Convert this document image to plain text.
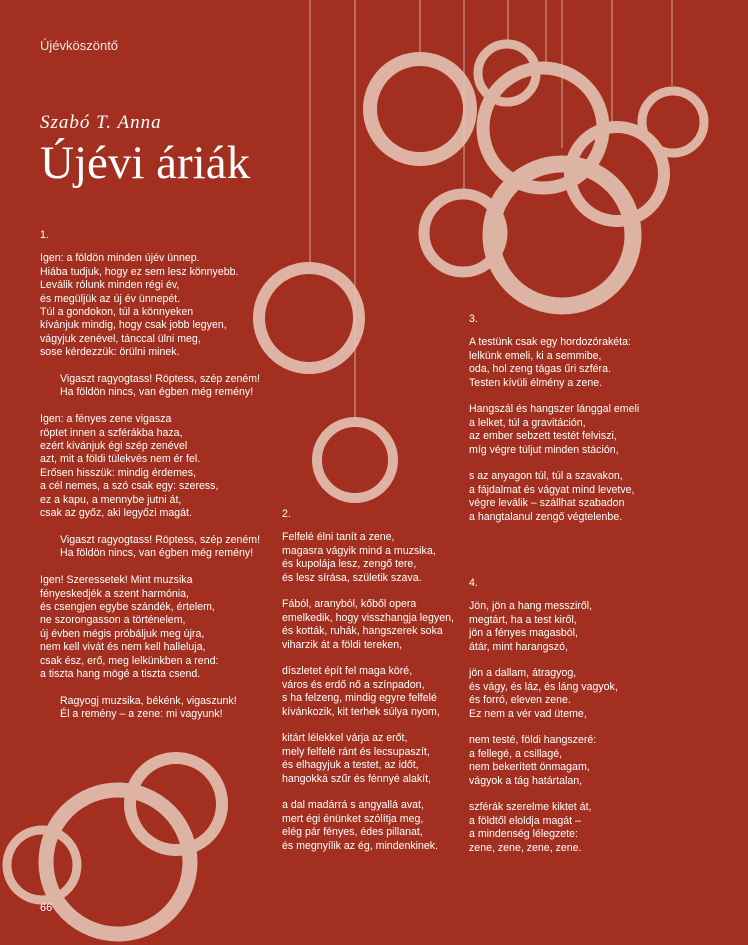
Újévköszöntő
Szabó T. Anna
Újévi áriák
1.
Igen: a földön minden újév ünnep.
Hiába tudjuk, hogy ez sem lesz könnyebb.
Leválik rólunk minden régi év,
és megüljük az új év ünnepét.
Túl a gondokon, túl a könnyeken
kívánjuk mindig, hogy csak jobb legyen,
vágyjuk zenével, tánccal ülni meg,
sose kérdezzük: örülni minek.
Vigaszt ragyogtass! Röptess, szép zeném!
Ha földön nincs, van égben még remény!
Igen: a fényes zene vigasza
röptet innen a szférákba haza,
ezért kívánjuk égi szép zenével
azt, mit a földi tülekvés nem ér fel.
Erősen hisszük: mindig érdemes,
a cél nemes, a szó csak egy: szeress,
ez a kapu, a mennybe jutni át,
csak az győz, aki legyőzi magát.
Vigaszt ragyogtass! Röptess, szép zeném!
Ha földön nincs, van égben még remény!
Igen! Szeressetek! Mint muzsika
fényeskedjék a szent harmónia,
és csengjen egybe szándék, értelem,
ne szorongasson a történelem,
új évben mégis próbáljuk meg újra,
nem kell vivát és nem kell halleluja,
csak ész, erő, meg lelkünkben a rend:
a tiszta hang mögé a tiszta csend.
Ragyogj muzsika, békénk, vigaszunk!
Él a remény – a zene: mi vagyunk!
2.
Felfelé élni tanít a zene,
magasra vágyik mind a muzsika,
és kupolája lesz, zengő tere,
és lesz sírása, születik szava.
Fából, aranyból, kőből opera
emelkedik, hogy visszhangja legyen,
és kották, ruhák, hangszerek soka
viharzik át a földi tereken,
díszletet épít fel maga köré,
város és erdő nő a színpadon,
s ha felzeng, mindig egyre felfelé
kívánkozik, kit terhek súlya nyom,
kitárt lélekkel várja az erőt,
mely felfelé ránt és lecsupaszít,
és elhagyjuk a testet, az időt,
hangokká szűr és fénnyé alakít,
a dal madárrá s angyallá avat,
mert égi énünket szólítja meg,
elég pár fényes, édes pillanat,
és megnyílik az ég, mindenkinek.
3.
A testünk csak egy hordozórakéta:
lelkünk emeli, ki a semmibe,
oda, hol zeng tágas űri szféra.
Testen kívüli élmény a zene.
Hangszál és hangszer lánggal emeli
a lelket, túl a gravitáción,
az ember sebzett testét felviszi,
míg végre túljut minden stáción,
s az anyagon túl, túl a szavakon,
a fájdalmat és vágyat mind levetve,
végre leválik – szállhat szabadon
a hangtalanul zengő végtelenbe.
4.
Jön, jön a hang messziről,
megtárt, ha a test kiről,
jön a fényes magasból,
átár, mint harangszó,
jön a dallam, átragyog,
és vágy, és láz, és láng vagyok,
és forró, eleven zene.
Ez nem a vér vad üteme,
nem testé, földi hangszeré:
a fellegé, a csillagé,
nem bekerített önmagam,
vágyok a tág határtalan,
szférák szerelme kiktet át,
a földtől eloldja magát –
a mindenség lélegzete:
zene, zene, zene, zene.
66
